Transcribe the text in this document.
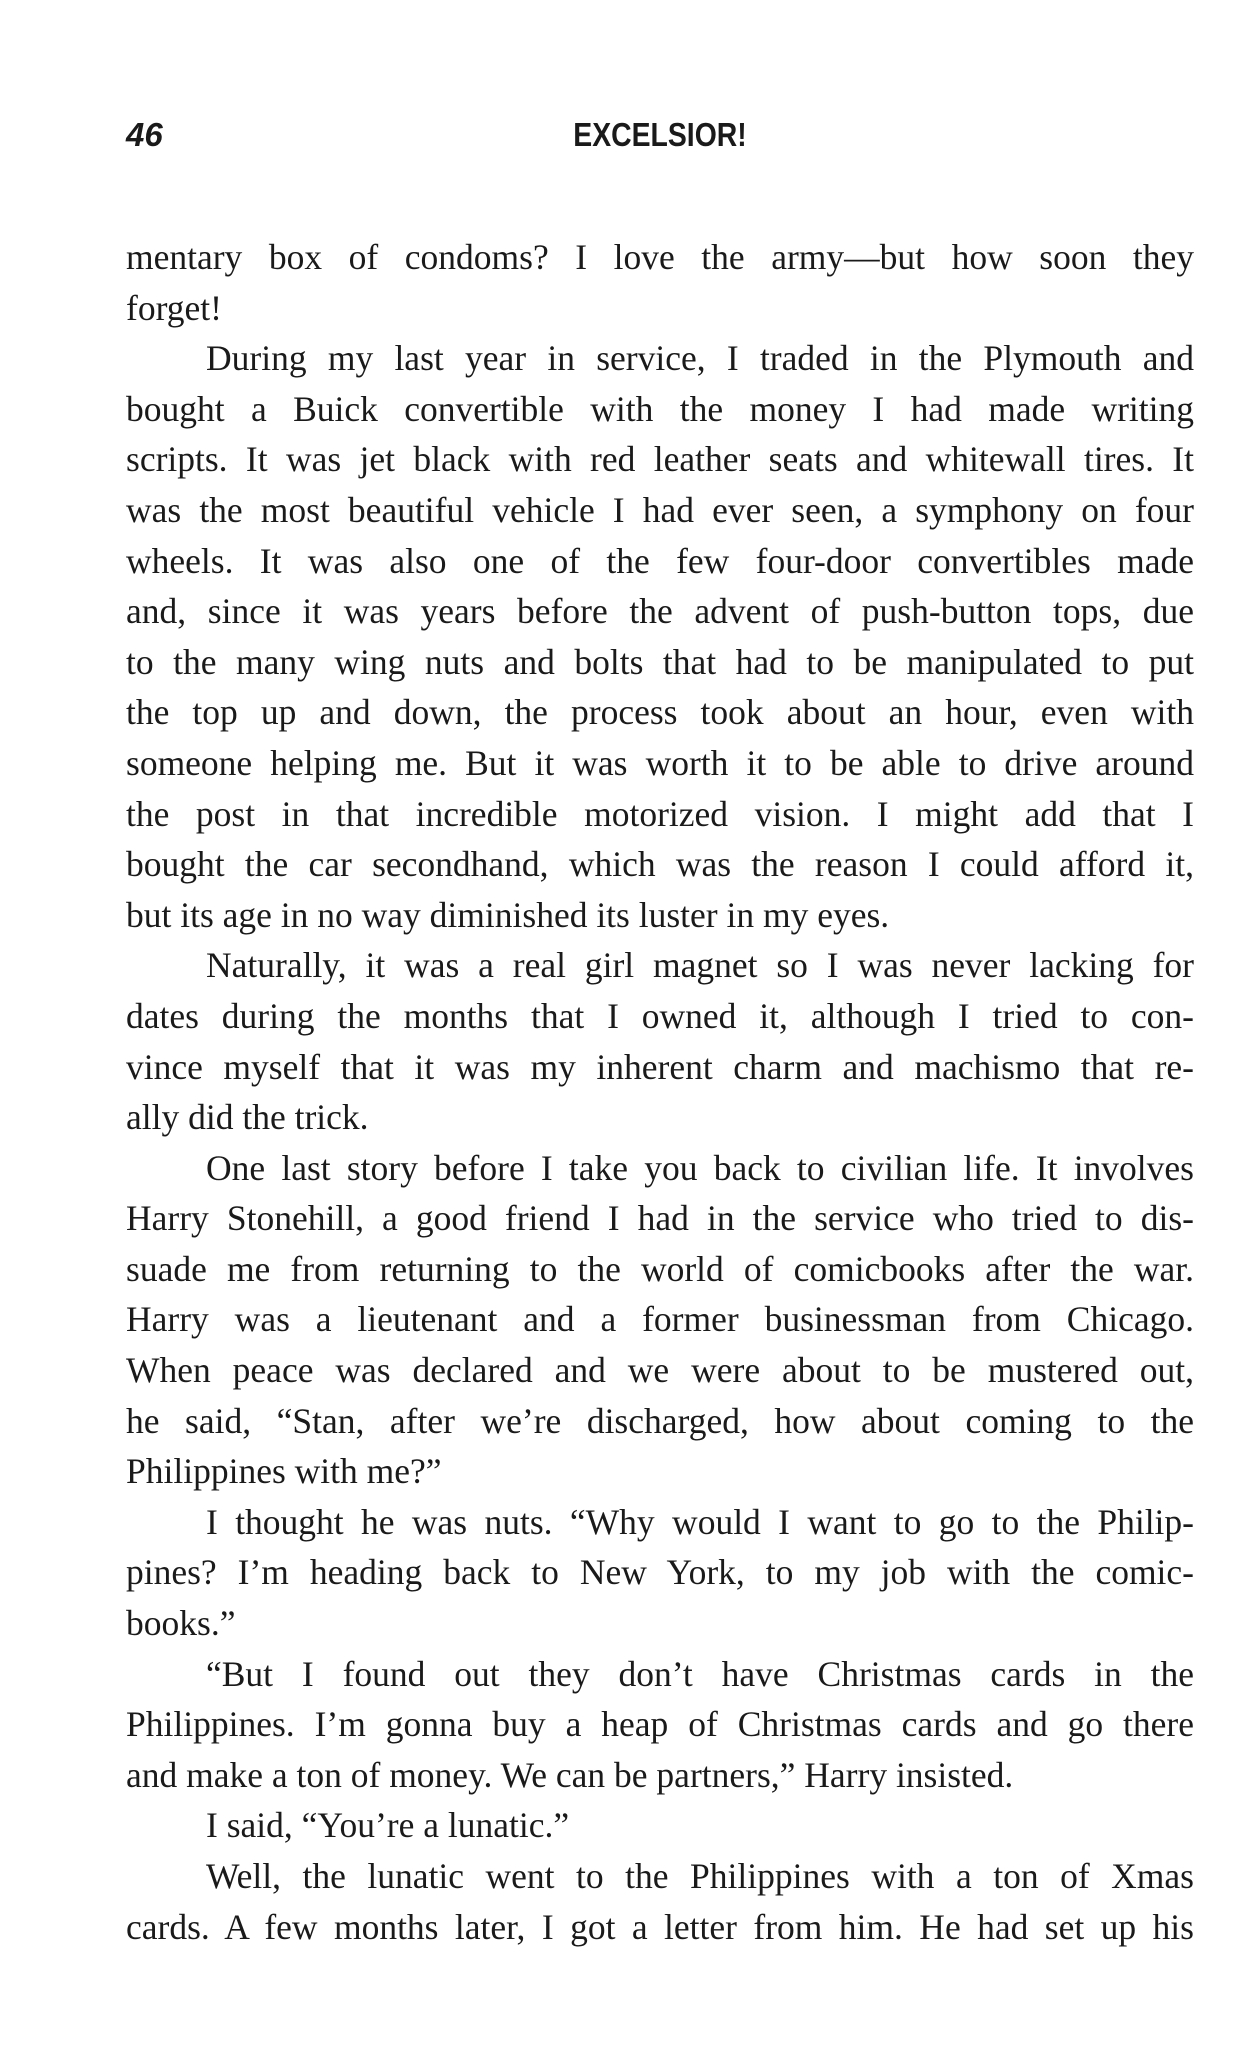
46	EXCELSIOR!
mentary box of condoms? I love the army—but how soon they
forget!
During my last year in service, I traded in the Plymouth and
bought a Buick convertible with the money I had made writing
scripts. It was jet black with red leather seats and whitewall tires. It
was the most beautiful vehicle I had ever seen, a symphony on four
wheels. It was also one of the few four-door convertibles made
and, since it was years before the advent of push-button tops, due
to the many wing nuts and bolts that had to be manipulated to put
the top up and down, the process took about an hour, even with
someone helping me. But it was worth it to be able to drive around
the post in that incredible motorized vision. I might add that I
bought the car secondhand, which was the reason I could afford it,
but its age in no way diminished its luster in my eyes.
Naturally, it was a real girl magnet so I was never lacking for
dates during the months that I owned it, although I tried to con-
vince myself that it was my inherent charm and machismo that re-
ally did the trick.
One last story before I take you back to civilian life. It involves
Harry Stonehill, a good friend I had in the service who tried to dis-
suade me from returning to the world of comicbooks after the war.
Harry was a lieutenant and a former businessman from Chicago.
When peace was declared and we were about to be mustered out,
he said, “Stan, after we’re discharged, how about coming to the
Philippines with me?”
I thought he was nuts. “Why would I want to go to the Philip-
pines? I’m heading back to New York, to my job with the comic-
books.”
“But I found out they don’t have Christmas cards in the
Philippines. I’m gonna buy a heap of Christmas cards and go there
and make a ton of money. We can be partners,” Harry insisted.
I said, “You’re a lunatic.”
Well, the lunatic went to the Philippines with a ton of Xmas
cards. A few months later, I got a letter from him. He had set up his
